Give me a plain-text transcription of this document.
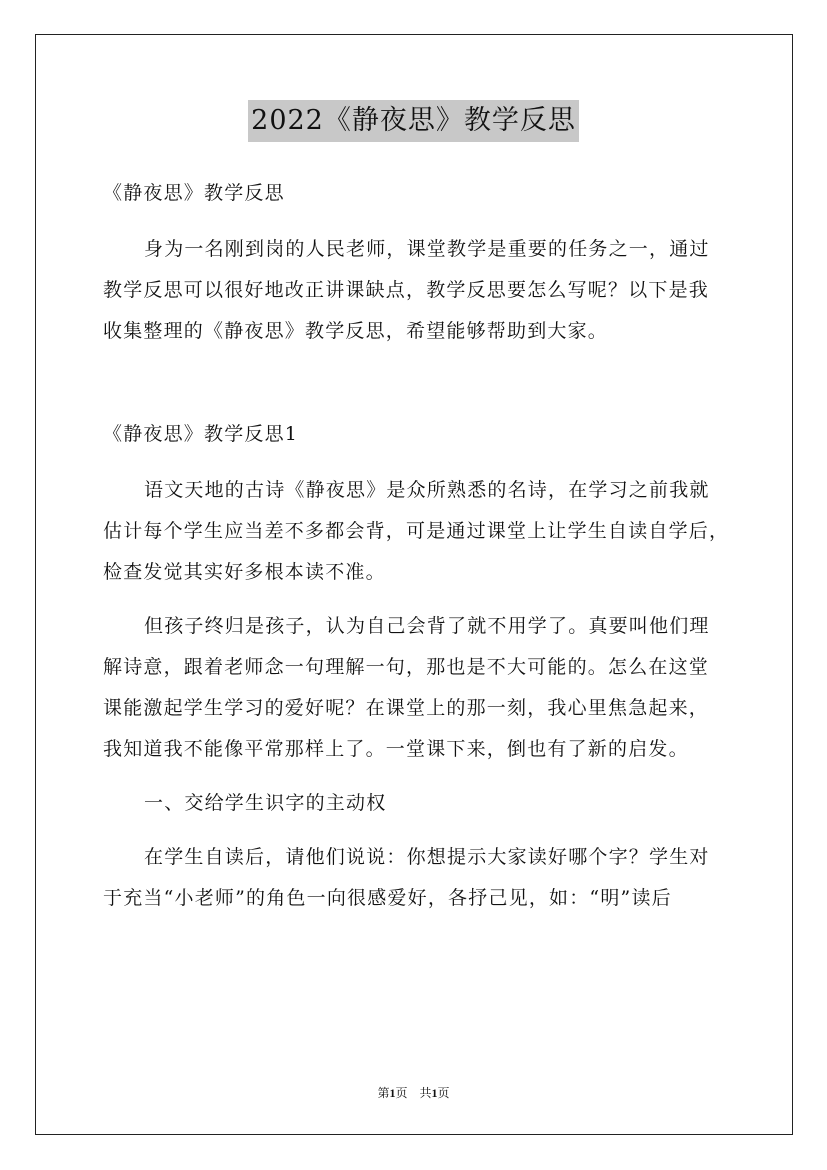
2022《静夜思》教学反思
《静夜思》教学反思
身为一名刚到岗的人民老师，课堂教学是重要的任务之一，通过
教学反思可以很好地改正讲课缺点，教学反思要怎么写呢？以下是我
收集整理的《静夜思》教学反思，希望能够帮助到大家。
《静夜思》教学反思1
语文天地的古诗《静夜思》是众所熟悉的名诗，在学习之前我就
估计每个学生应当差不多都会背，可是通过课堂上让学生自读自学后，
检查发觉其实好多根本读不准。
但孩子终归是孩子，认为自己会背了就不用学了。真要叫他们理
解诗意，跟着老师念一句理解一句，那也是不大可能的。怎么在这堂
课能激起学生学习的爱好呢？在课堂上的那一刻，我心里焦急起来，
我知道我不能像平常那样上了。一堂课下来，倒也有了新的启发。
一、交给学生识字的主动权
在学生自读后，请他们说说：你想提示大家读好哪个字？学生对
于充当“小老师”的角色一向很感爱好，各抒己见，如：“明”读后
第1页　共1页
